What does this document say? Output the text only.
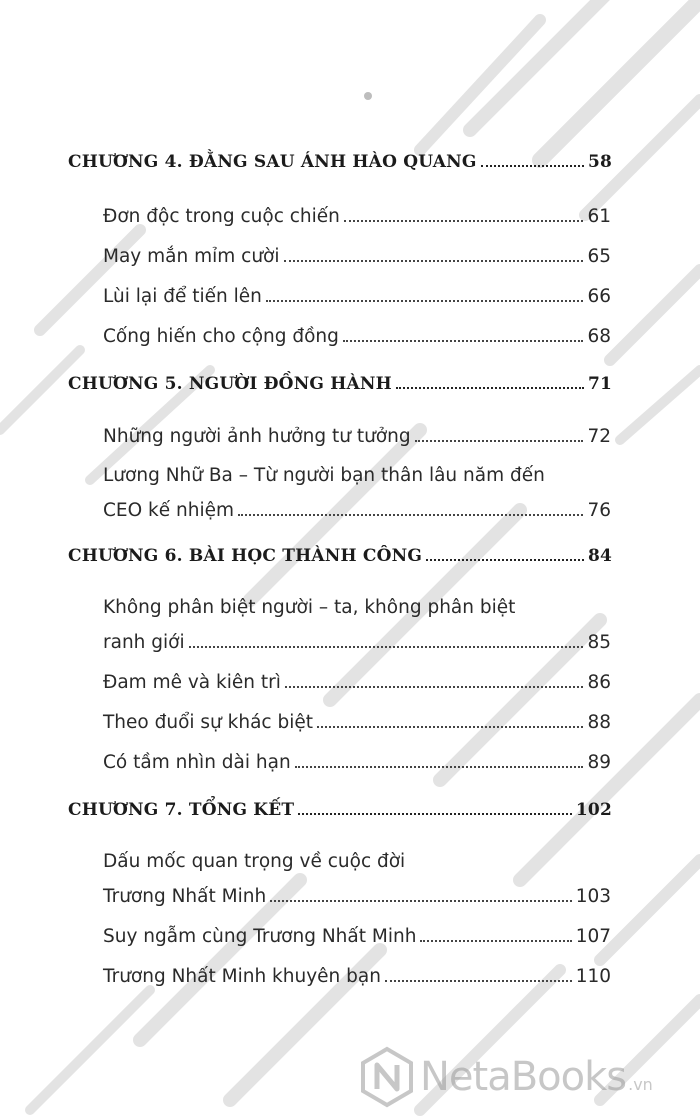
CHƯƠNG 4. ĐẰNG SAU ÁNH HÀO QUANG	58
Đơn độc trong cuộc chiến	61
May mắn mỉm cười	65
Lùi lại để tiến lên	66
Cống hiến cho cộng đồng	68
CHƯƠNG 5. NGƯỜI ĐỒNG HÀNH	71
Những người ảnh hưởng tư tưởng	72
Lương Nhữ Ba – Từ người bạn thân lâu năm đến
CEO kế nhiệm	76
CHƯƠNG 6. BÀI HỌC THÀNH CÔNG	84
Không phân biệt người – ta, không phân biệt
ranh giới	85
Đam mê và kiên trì	86
Theo đuổi sự khác biệt	88
Có tầm nhìn dài hạn	89
CHƯƠNG 7. TỔNG KẾT	102
Dấu mốc quan trọng về cuộc đời
Trương Nhất Minh	103
Suy ngẫm cùng Trương Nhất Minh	107
Trương Nhất Minh khuyên bạn	110
NetaBooks .vn
